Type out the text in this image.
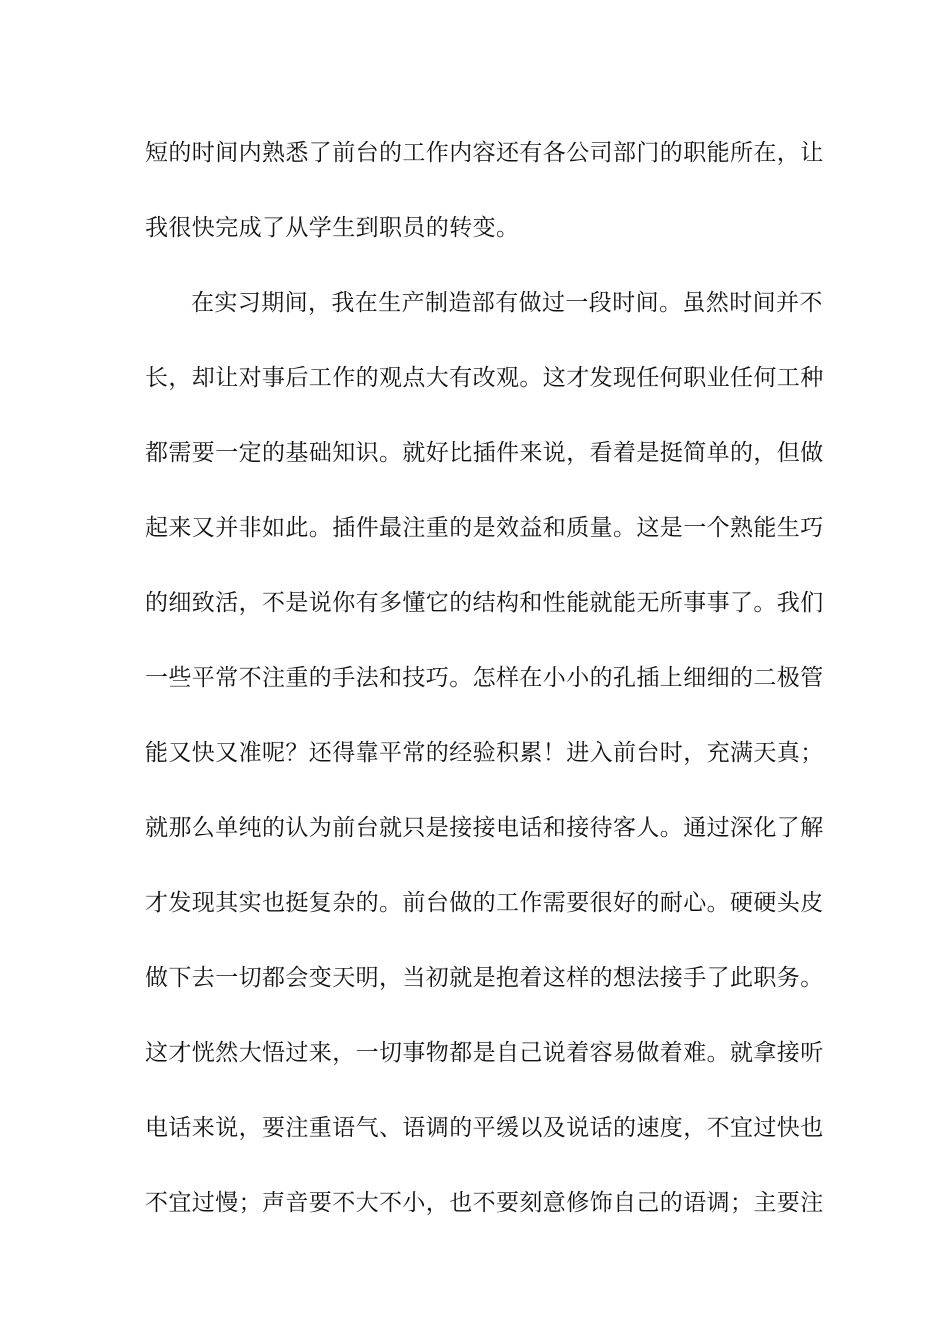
短的时间内熟悉了前台的工作内容还有各公司部门的职能所在，让
我很快完成了从学生到职员的转变。
在实习期间，我在生产制造部有做过一段时间。虽然时间并不
长，却让对事后工作的观点大有改观。这才发现任何职业任何工种
都需要一定的基础知识。就好比插件来说，看着是挺简单的，但做
起来又并非如此。插件最注重的是效益和质量。这是一个熟能生巧
的细致活，不是说你有多懂它的结构和性能就能无所事事了。我们
一些平常不注重的手法和技巧。怎样在小小的孔插上细细的二极管
能又快又准呢？还得靠平常的经验积累！进入前台时，充满天真；
就那么单纯的认为前台就只是接接电话和接待客人。通过深化了解
才发现其实也挺复杂的。前台做的工作需要很好的耐心。硬硬头皮
做下去一切都会变天明，当初就是抱着这样的想法接手了此职务。
这才恍然大悟过来，一切事物都是自己说着容易做着难。就拿接听
电话来说，要注重语气、语调的平缓以及说话的速度，不宜过快也
不宜过慢；声音要不大不小，也不要刻意修饰自己的语调；主要注
